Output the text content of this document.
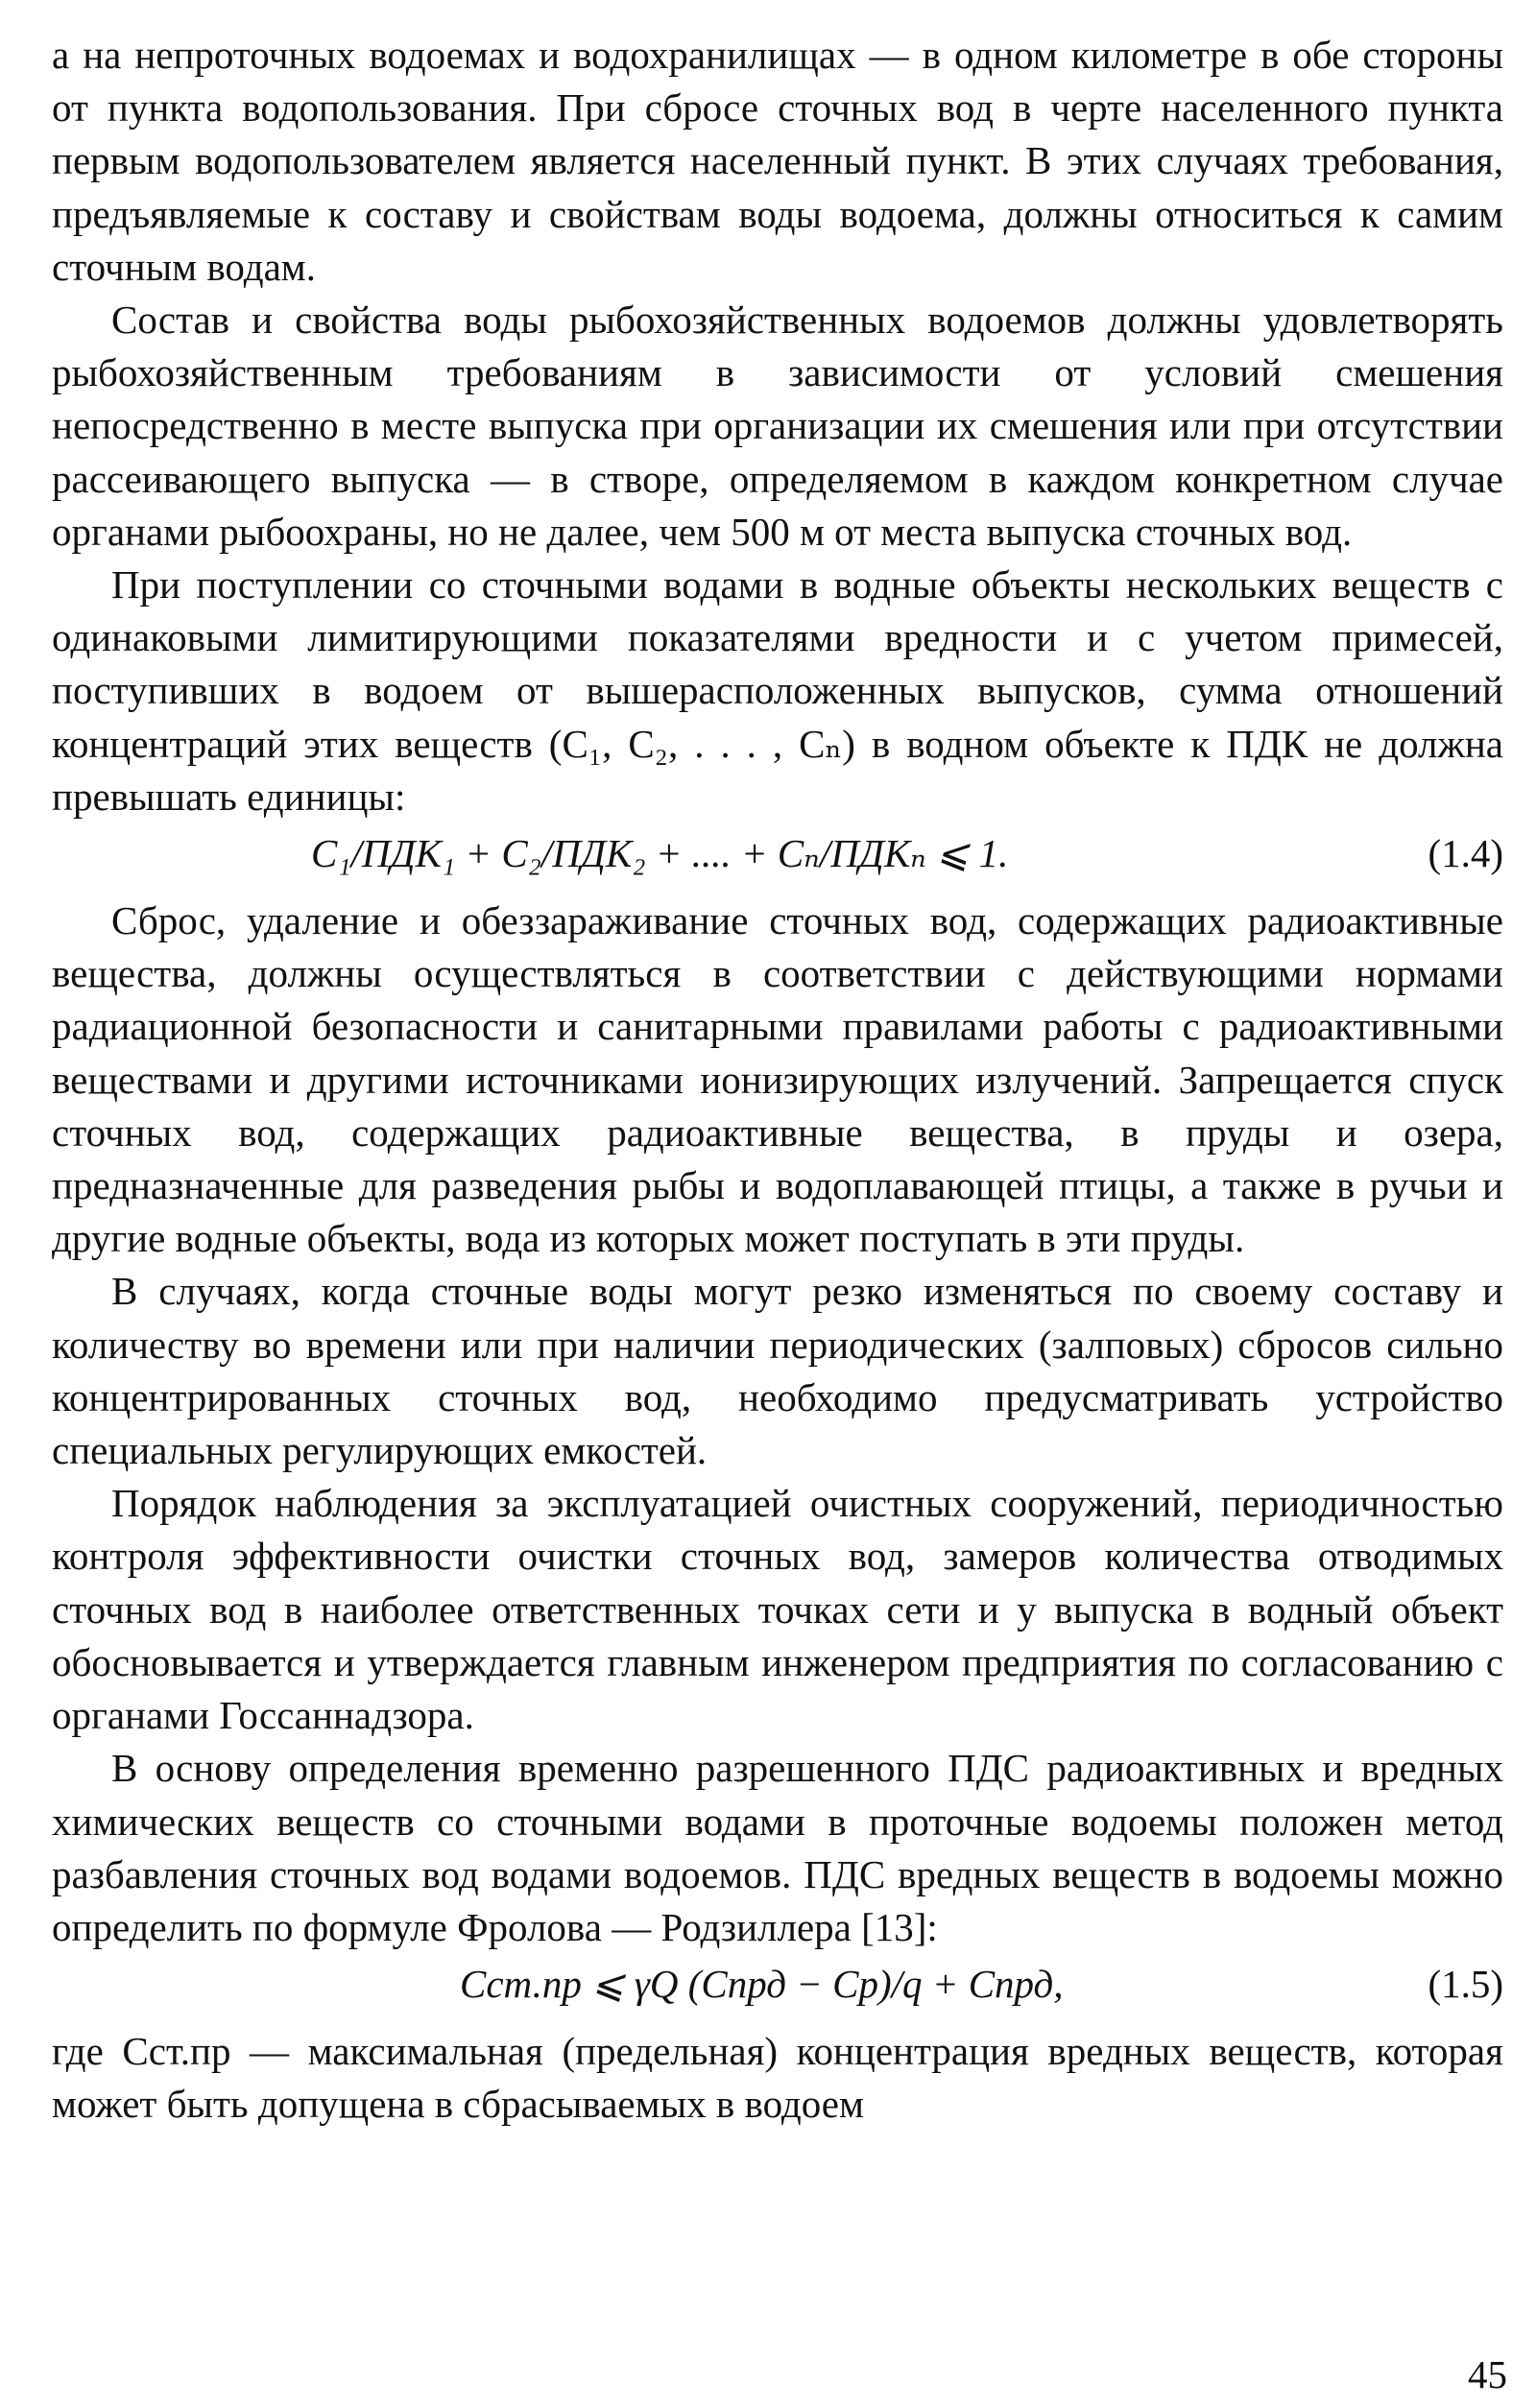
а на непроточных водоемах и водохранилищах — в одном километре в обе стороны от пункта водопользования. При сбросе сточных вод в черте населенного пункта первым водопользователем является населенный пункт. В этих случаях требования, предъявляемые к составу и свойствам воды водоема, должны относиться к самим сточным водам.

Состав и свойства воды рыбохозяйственных водоемов должны удовлетворять рыбохозяйственным требованиям в зависимости от условий смешения непосредственно в месте выпуска при организации их смешения или при отсутствии рассеивающего выпуска — в створе, определяемом в каждом конкретном случае органами рыбоохраны, но не далее, чем 500 м от места выпуска сточных вод.

При поступлении со сточными водами в водные объекты нескольких веществ с одинаковыми лимитирующими показателями вредности и с учетом примесей, поступивших в водоем от вышерасположенных выпусков, сумма отношений концентраций этих веществ (C₁, C₂, . . . , Cₙ) в водном объекте к ПДК не должна превышать единицы:

C₁/ПДК₁ + C₂/ПДК₂ + .... + Cₙ/ПДКₙ ⩽ 1.	(1.4)

Сброс, удаление и обеззараживание сточных вод, содержащих радиоактивные вещества, должны осуществляться в соответствии с действующими нормами радиационной безопасности и санитарными правилами работы с радиоактивными веществами и другими источниками ионизирующих излучений. Запрещается спуск сточных вод, содержащих радиоактивные вещества, в пруды и озера, предназначенные для разведения рыбы и водоплавающей птицы, а также в ручьи и другие водные объекты, вода из которых может поступать в эти пруды.

В случаях, когда сточные воды могут резко изменяться по своему составу и количеству во времени или при наличии периодических (залповых) сбросов сильно концентрированных сточных вод, необходимо предусматривать устройство специальных регулирующих емкостей.

Порядок наблюдения за эксплуатацией очистных сооружений, периодичностью контроля эффективности очистки сточных вод, замеров количества отводимых сточных вод в наиболее ответственных точках сети и у выпуска в водный объект обосновывается и утверждается главным инженером предприятия по согласованию с органами Госсаннадзора.

В основу определения временно разрешенного ПДС радиоактивных и вредных химических веществ со сточными водами в проточные водоемы положен метод разбавления сточных вод водами водоемов. ПДС вредных веществ в водоемы можно определить по формуле Фролова — Родзиллера [13]:

Cст.пр ⩽ γQ (Cпрд − Cр)/q + Cпрд,	(1.5)

где Cст.пр — максимальная (предельная) концентрация вредных веществ, которая может быть допущена в сбрасываемых в водоем

45
